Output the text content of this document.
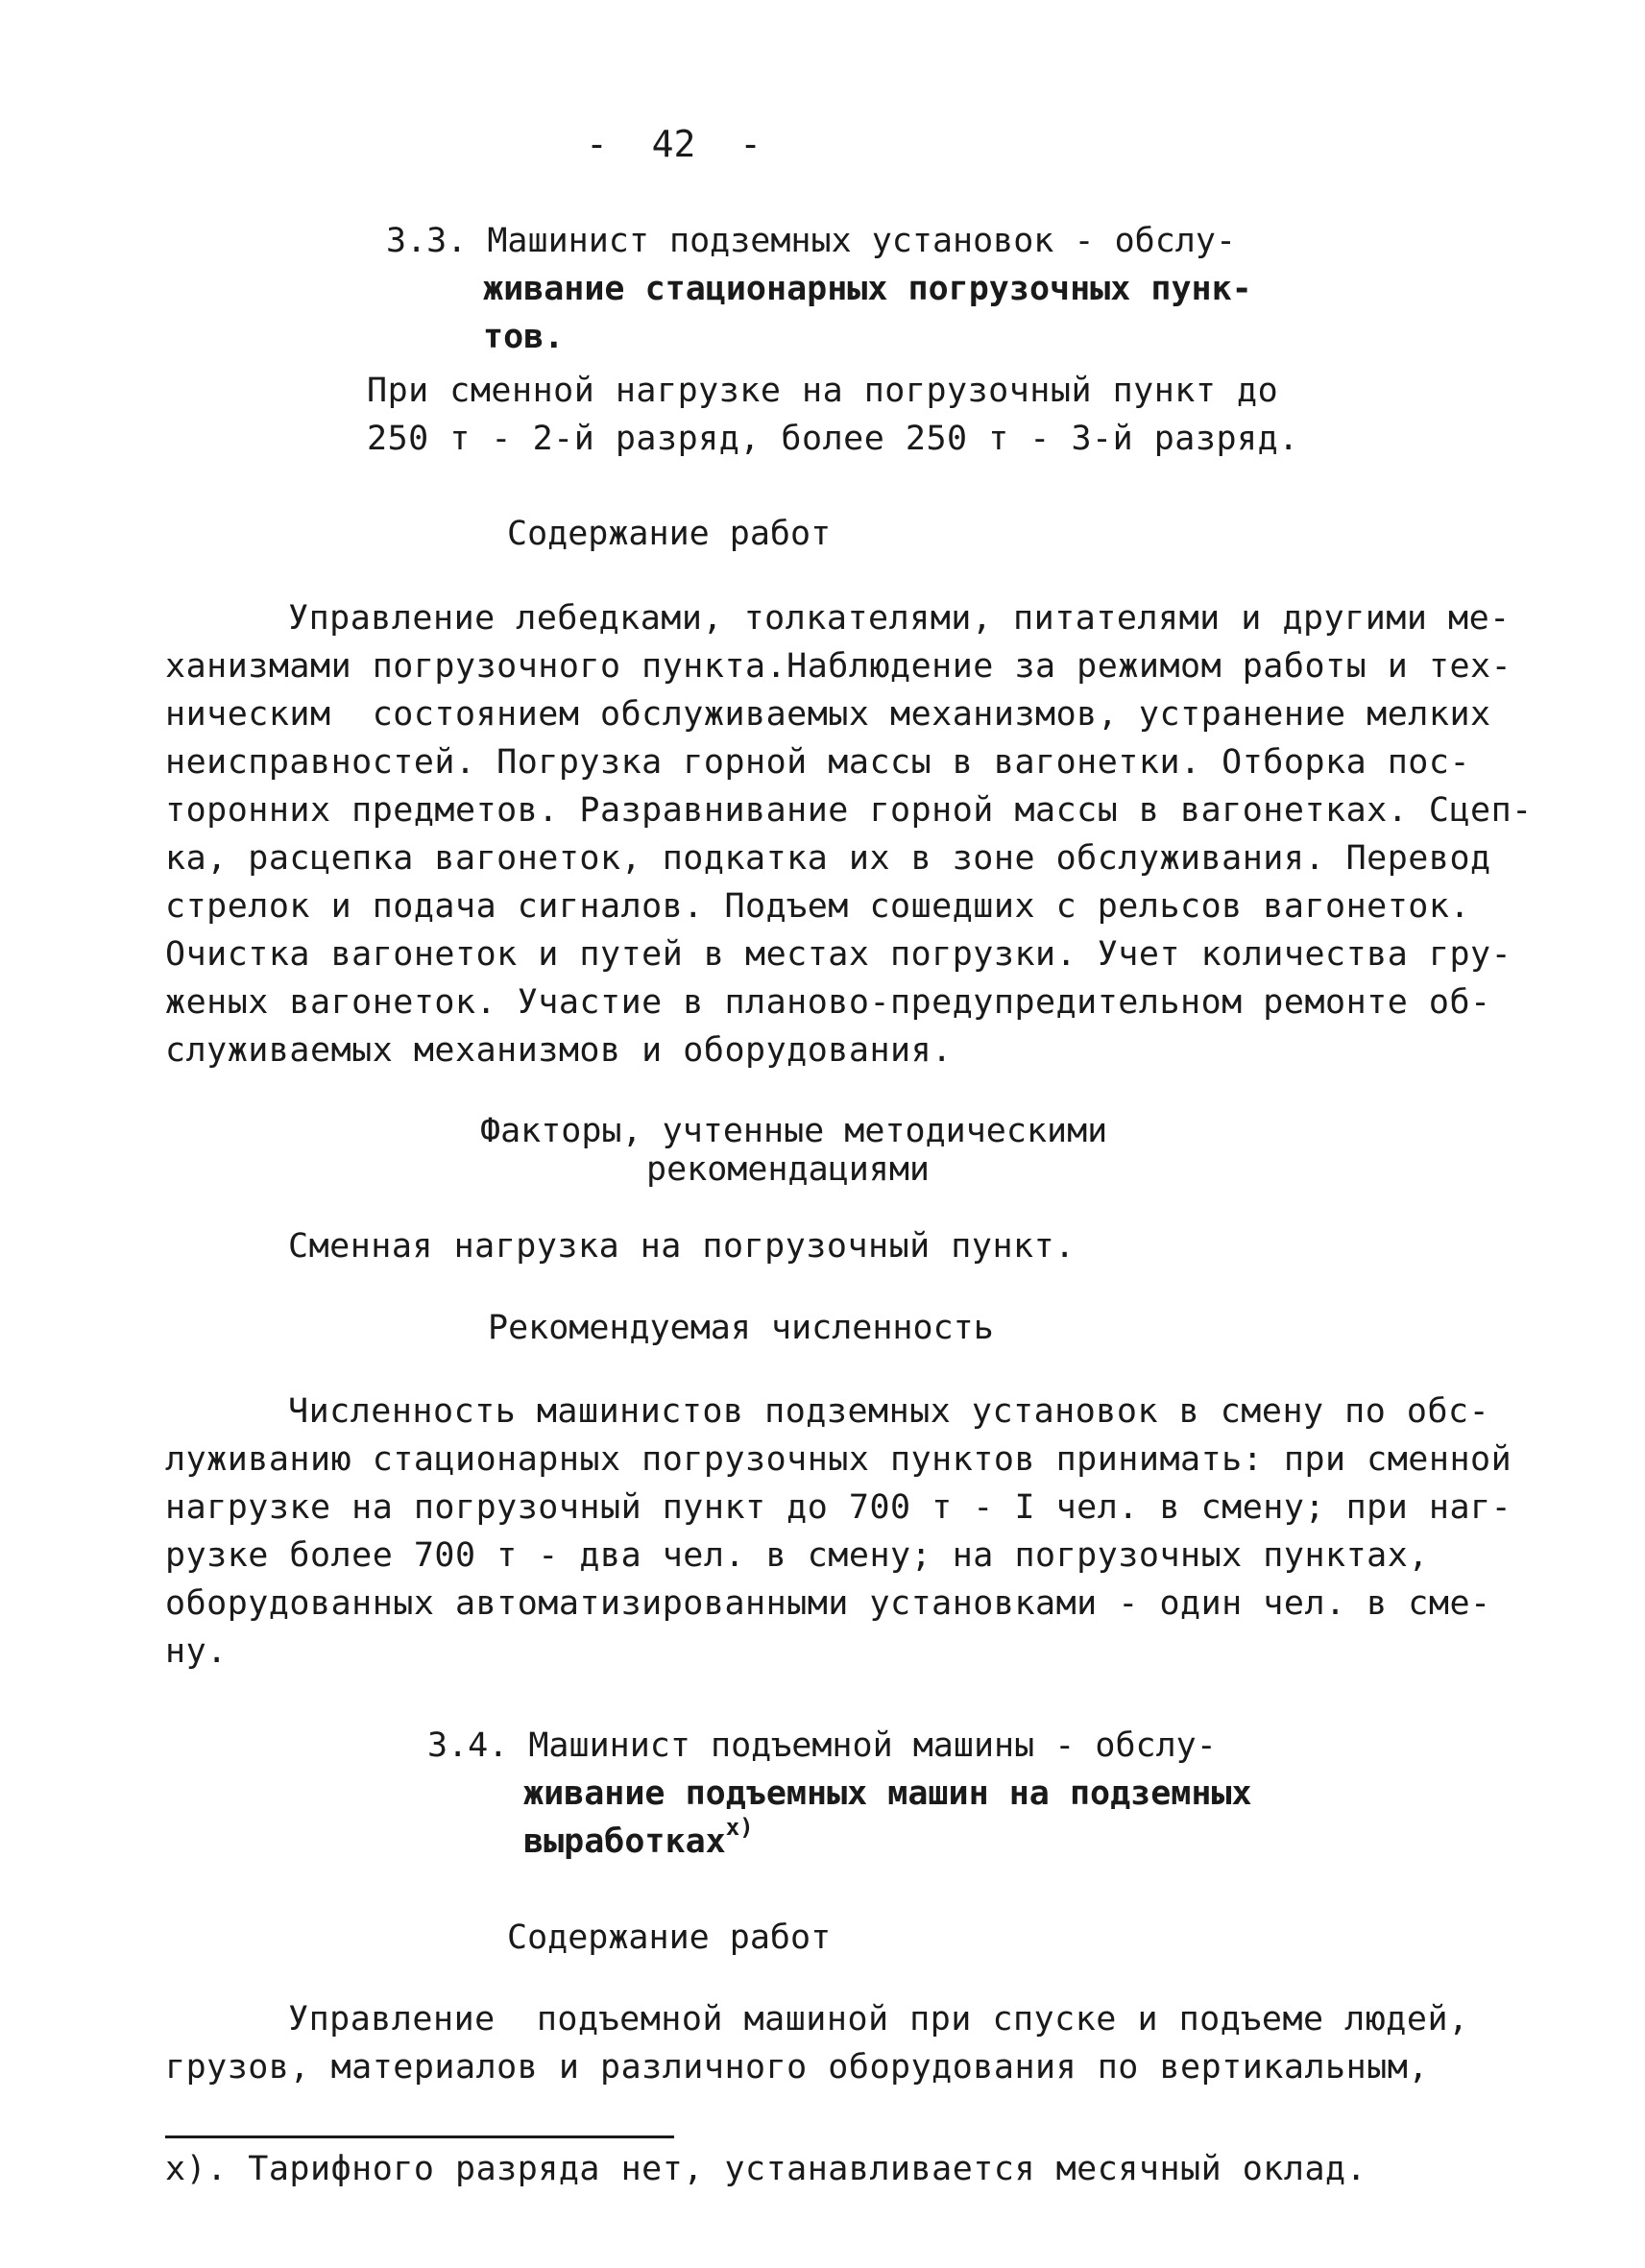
-  42  -
3.3. Машинист подземных установок - обслу-
живание стационарных погрузочных пунк-
тов.
При сменной нагрузке на погрузочный пункт до
250 т - 2-й разряд, более 250 т - 3-й разряд.
Содержание работ
Управление лебедками, толкателями, питателями и другими ме-
ханизмами погрузочного пункта.Наблюдение за режимом работы и тех-
ническим  состоянием обслуживаемых механизмов, устранение мелких
неисправностей. Погрузка горной массы в вагонетки. Отборка пос-
торонних предметов. Разравнивание горной массы в вагонетках. Сцеп-
ка, расцепка вагонеток, подкатка их в зоне обслуживания. Перевод
стрелок и подача сигналов. Подъем сошедших с рельсов вагонеток.
Очистка вагонеток и путей в местах погрузки. Учет количества гру-
женых вагонеток. Участие в планово-предупредительном ремонте об-
служиваемых механизмов и оборудования.
Факторы, учтенные методическими
рекомендациями
Сменная нагрузка на погрузочный пункт.
Рекомендуемая численность
Численность машинистов подземных установок в смену по обс-
луживанию стационарных погрузочных пунктов принимать: при сменной
нагрузке на погрузочный пункт до 700 т - I чел. в смену; при наг-
рузке более 700 т - два чел. в смену; на погрузочных пунктах,
оборудованных автоматизированными установками - один чел. в сме-
ну.
3.4. Машинист подъемной машины - обслу-
живание подъемных машин на подземных
выработках$^{x)}$
Содержание работ
Управление  подъемной машиной при спуске и подъеме людей,
грузов, материалов и различного оборудования по вертикальным,
x). Тарифного разряда нет, устанавливается месячный оклад.
